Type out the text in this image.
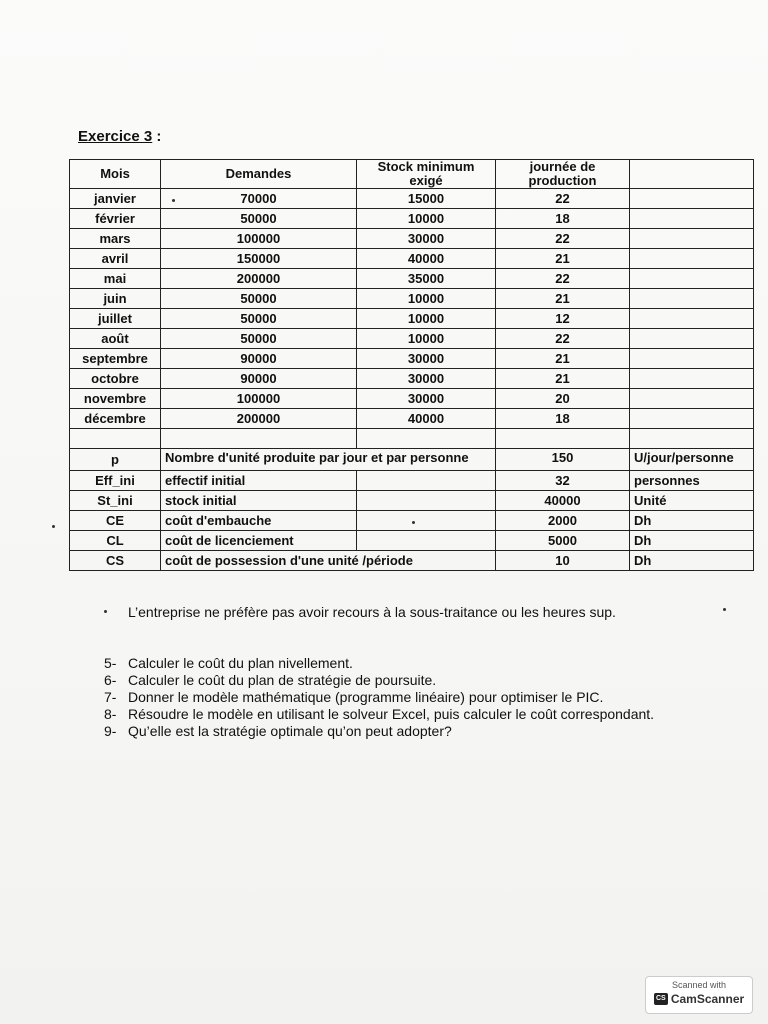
Exercice 3 :
Mois	Demandes	Stock minimum exigé	journée de production	
janvier	70000	15000	22	
février	50000	10000	18	
mars	100000	30000	22	
avril	150000	40000	21	
mai	200000	35000	22	
juin	50000	10000	21	
juillet	50000	10000	12	
août	50000	10000	22	
septembre	90000	30000	21	
octobre	90000	30000	21	
novembre	100000	30000	20	
décembre	200000	40000	18	

p	Nombre d'unité produite par jour et par personne		150	U/jour/personne
Eff_ini	effectif initial		32	personnes
St_ini	stock initial		40000	Unité
CE	coût d'embauche		2000	Dh
CL	coût de licenciement		5000	Dh
CS	coût de possession d'une unité /période		10	Dh
L’entreprise ne préfère pas avoir recours à la sous-traitance ou les heures sup.
5- Calculer le coût du plan nivellement.
6- Calculer le coût du plan de stratégie de poursuite.
7- Donner le modèle mathématique (programme linéaire) pour optimiser le PIC.
8- Résoudre le modèle en utilisant le solveur Excel, puis calculer le coût correspondant.
9- Qu’elle est la stratégie optimale qu’on peut adopter?
Scanned with
CS CamScanner
